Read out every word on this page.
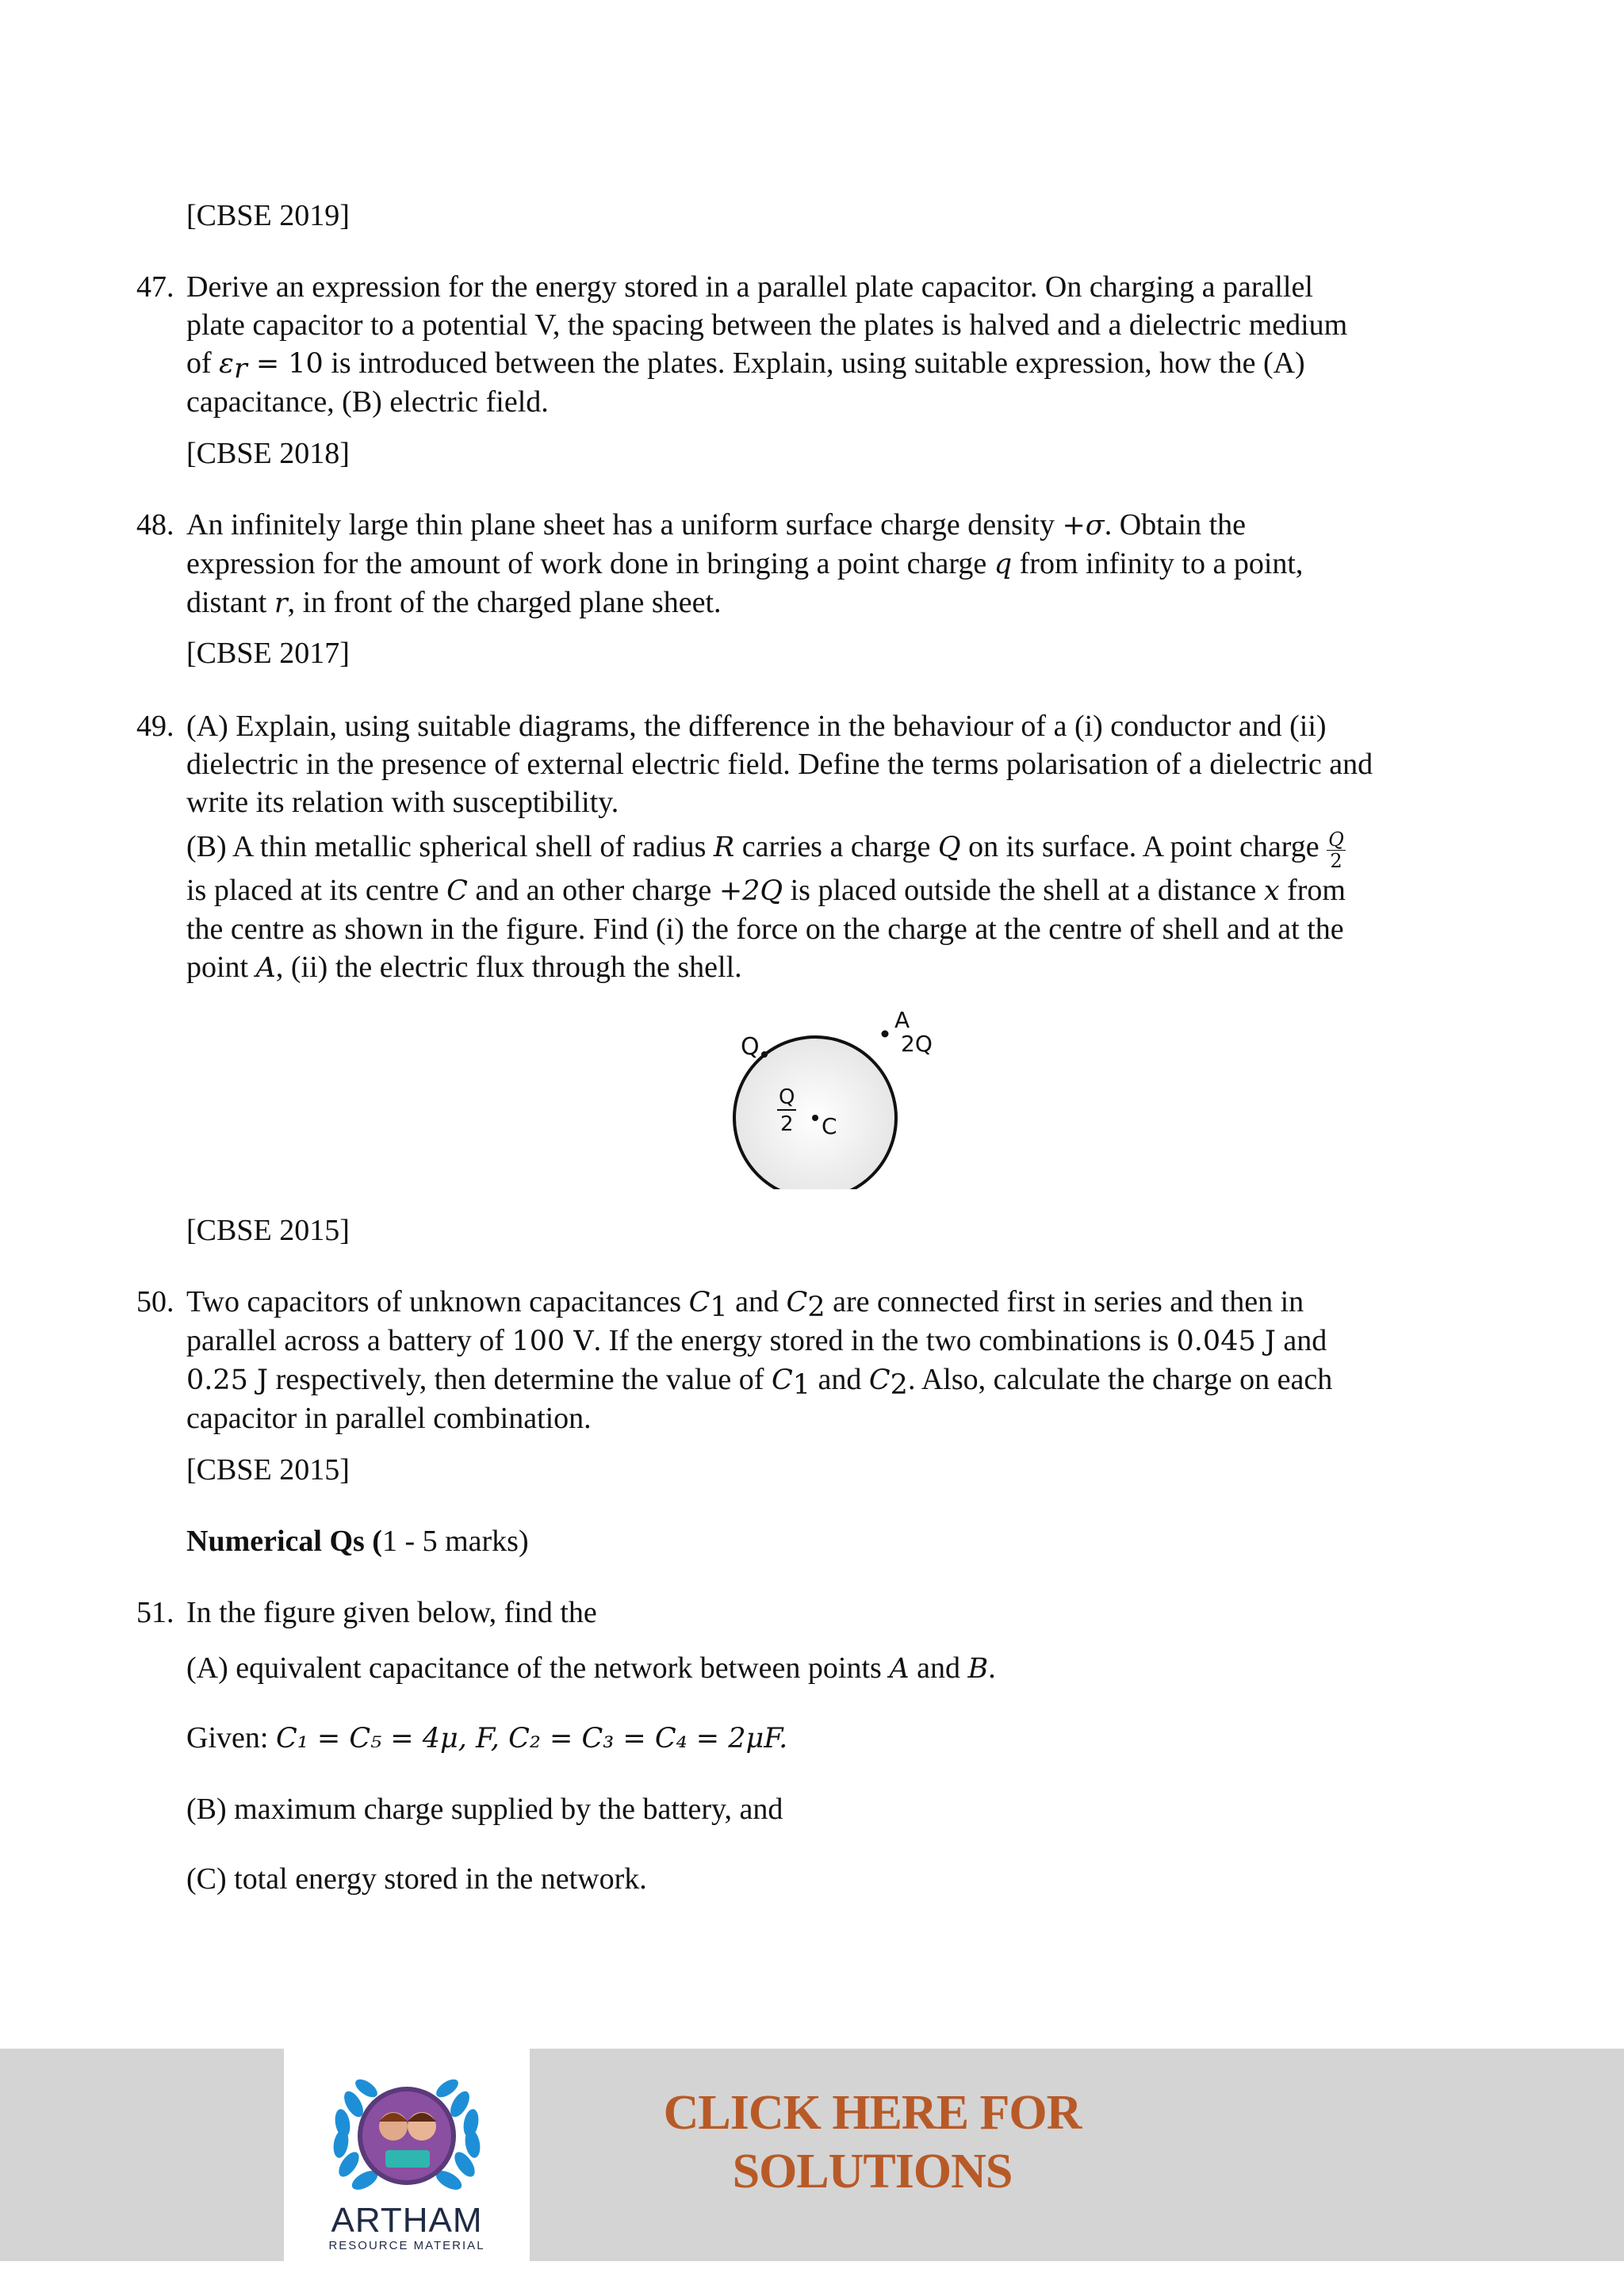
[CBSE 2019]
47. Derive an expression for the energy stored in a parallel plate capacitor. On charging a parallel
plate capacitor to a potential V, the spacing between the plates is halved and a dielectric medium
of $\varepsilon_r = 10$ is introduced between the plates. Explain, using suitable expression, how the (A)
capacitance, (B) electric field.
[CBSE 2018]
48. An infinitely large thin plane sheet has a uniform surface charge density +σ. Obtain the
expression for the amount of work done in bringing a point charge q from infinity to a point,
distant r, in front of the charged plane sheet.
[CBSE 2017]
49. (A) Explain, using suitable diagrams, the difference in the behaviour of a (i) conductor and (ii)
dielectric in the presence of external electric field. Define the terms polarisation of a dielectric and
write its relation with susceptibility.
(B) A thin metallic spherical shell of radius R carries a charge Q on its surface. A point charge $\frac{Q}{2}$
is placed at its centre C and an other charge +2Q is placed outside the shell at a distance x from
the centre as shown in the figure. Find (i) the force on the charge at the centre of shell and at the
point A, (ii) the electric flux through the shell.
Q
A
2Q
Q
2 C
[CBSE 2015]
50. Two capacitors of unknown capacitances $C_1$ and $C_2$ are connected first in series and then in
parallel across a battery of 100 V. If the energy stored in the two combinations is 0.045 J and
0.25 J respectively, then determine the value of $C_1$ and $C_2$. Also, calculate the charge on each
capacitor in parallel combination.
[CBSE 2015]
Numerical Qs (1 - 5 marks)
51. In the figure given below, find the
(A) equivalent capacitance of the network between points A and B.
Given: C₁ = C₅ = 4μ, F, C₂ = C₃ = C₄ = 2μF.
(B) maximum charge supplied by the battery, and
(C) total energy stored in the network.
ARTHAM
RESOURCE MATERIAL
CLICK HERE FOR
SOLUTIONS
